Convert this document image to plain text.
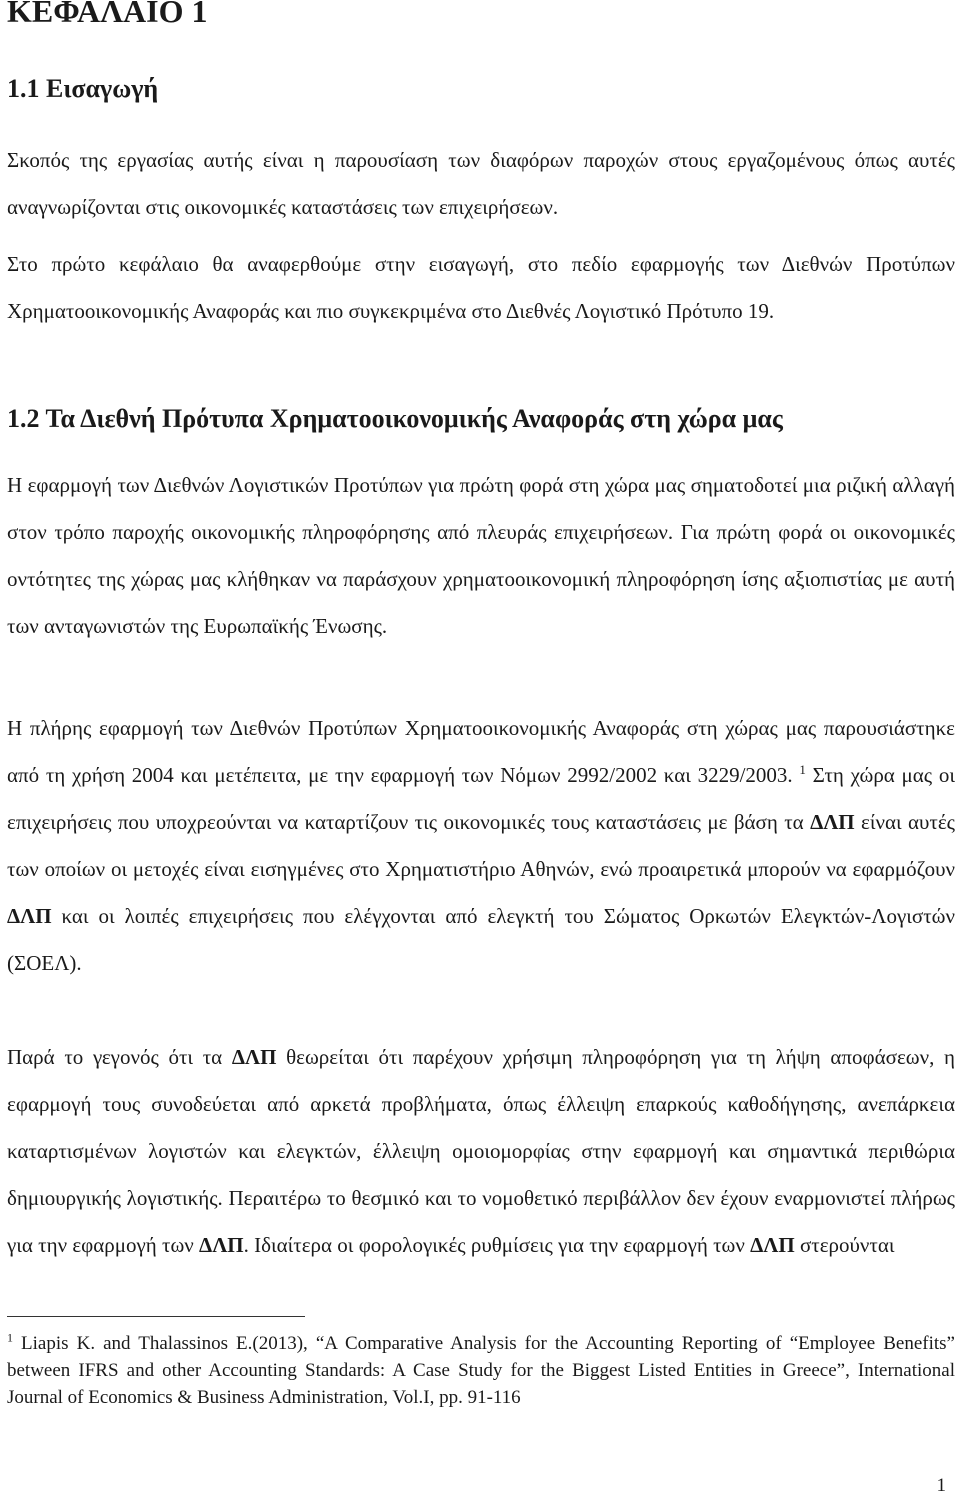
ΚΕΦΑΛΑΙΟ 1
1.1 Εισαγωγή

Σκοπός της εργασίας αυτής είναι η παρουσίαση των διαφόρων παροχών στους εργαζομένους όπως αυτές αναγνωρίζονται στις οικονομικές καταστάσεις των επιχειρήσεων.

Στο πρώτο κεφάλαιο θα αναφερθούμε στην εισαγωγή, στο πεδίο εφαρμογής των Διεθνών Προτύπων Χρηματοοικονομικής Αναφοράς και πιο συγκεκριμένα στο Διεθνές Λογιστικό Πρότυπο 19.

1.2 Τα Διεθνή Πρότυπα Χρηματοοικονομικής Αναφοράς στη χώρα μας

Η εφαρμογή των Διεθνών Λογιστικών Προτύπων για πρώτη φορά στη χώρα μας σηματοδοτεί μια ριζική αλλαγή στον τρόπο παροχής οικονομικής πληροφόρησης από πλευράς επιχειρήσεων. Για πρώτη φορά οι οικονομικές οντότητες της χώρας μας κλήθηκαν να παράσχουν χρηματοοικονομική πληροφόρηση ίσης αξιοπιστίας με αυτή των ανταγωνιστών της Ευρωπαϊκής Ένωσης.

Η πλήρης εφαρμογή των Διεθνών Προτύπων Χρηματοοικονομικής Αναφοράς στη χώρας μας παρουσιάστηκε από τη χρήση 2004 και μετέπειτα, με την εφαρμογή των Νόμων 2992/2002 και 3229/2003. $^1$ Στη χώρα μας οι επιχειρήσεις που υποχρεούνται να καταρτίζουν τις οικονομικές τους καταστάσεις με βάση τα ΔΛΠ είναι αυτές των οποίων οι μετοχές είναι εισηγμένες στο Χρηματιστήριο Αθηνών, ενώ προαιρετικά μπορούν να εφαρμόζουν ΔΛΠ και οι λοιπές επιχειρήσεις που ελέγχονται από ελεγκτή του Σώματος Ορκωτών Ελεγκτών-Λογιστών (ΣΟΕΛ).

Παρά το γεγονός ότι τα ΔΛΠ θεωρείται ότι παρέχουν χρήσιμη πληροφόρηση για τη λήψη αποφάσεων, η εφαρμογή τους συνοδεύεται από αρκετά προβλήματα, όπως έλλειψη επαρκούς καθοδήγησης, ανεπάρκεια καταρτισμένων λογιστών και ελεγκτών, έλλειψη ομοιομορφίας στην εφαρμογή και σημαντικά περιθώρια δημιουργικής λογιστικής. Περαιτέρω το θεσμικό και το νομοθετικό περιβάλλον δεν έχουν εναρμονιστεί πλήρως για την εφαρμογή των ΔΛΠ. Ιδιαίτερα οι φορολογικές ρυθμίσεις για την εφαρμογή των ΔΛΠ στερούνται

$^1$ Liapis K. and Thalassinos E.(2013), “A Comparative Analysis for the Accounting Reporting of “Employee Benefits” between IFRS and other Accounting Standards: A Case Study for the Biggest Listed Entities in Greece”, International Journal of Economics & Business Administration, Vol.I, pp. 91-116

1
